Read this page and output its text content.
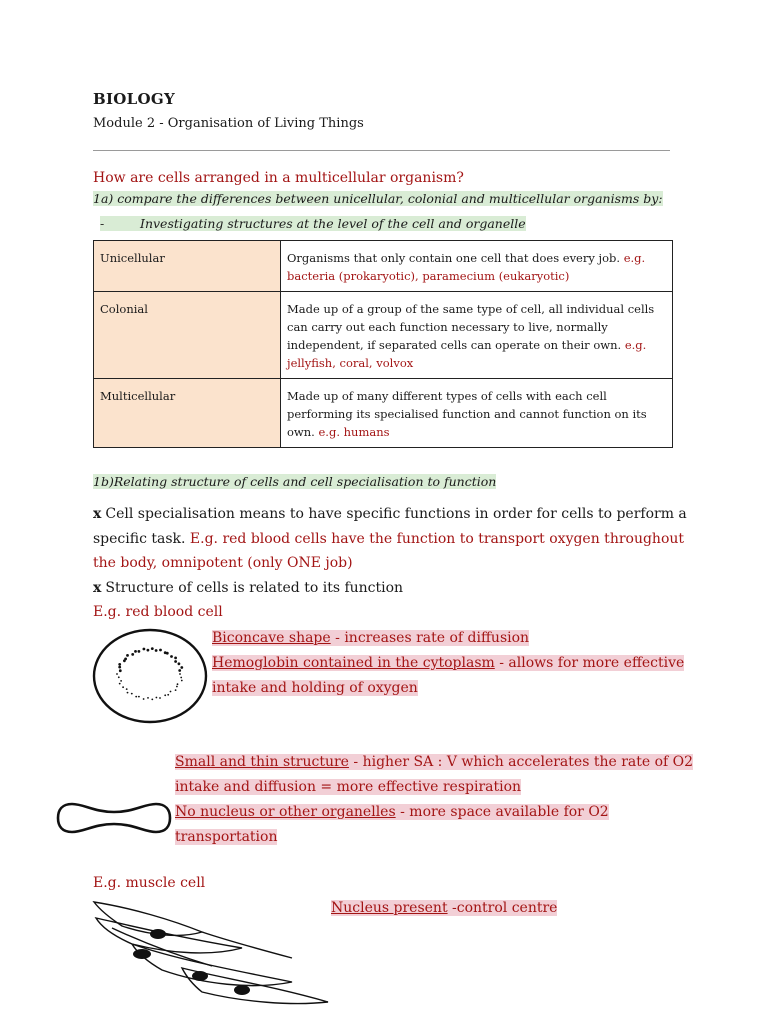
BIOLOGY
Module 2 - Organisation of Living Things
How are cells arranged in a multicellular organism?
1a) compare the differences between unicellular, colonial and multicellular organisms by:
-	Investigating structures at the level of the cell and organelle
Unicellular	Organisms that only contain one cell that does every job. e.g. bacteria (prokaryotic), paramecium (eukaryotic)
Colonial	Made up of a group of the same type of cell, all individual cells can carry out each function necessary to live, normally independent, if separated cells can operate on their own. e.g. jellyfish, coral, volvox
Multicellular	Made up of many different types of cells with each cell performing its specialised function and cannot function on its own. e.g. humans
1b)Relating structure of cells and cell specialisation to function
x Cell specialisation means to have specific functions in order for cells to perform a specific task. E.g. red blood cells have the function to transport oxygen throughout the body, omnipotent (only ONE job)
x Structure of cells is related to its function
E.g. red blood cell
Biconcave shape - increases rate of diffusion
Hemoglobin contained in the cytoplasm - allows for more effective
intake and holding of oxygen
Small and thin structure - higher SA : V which accelerates the rate of O2
intake and diffusion = more effective respiration
No nucleus or other organelles - more space available for O2
transportation
E.g. muscle cell
Nucleus present -control centre
